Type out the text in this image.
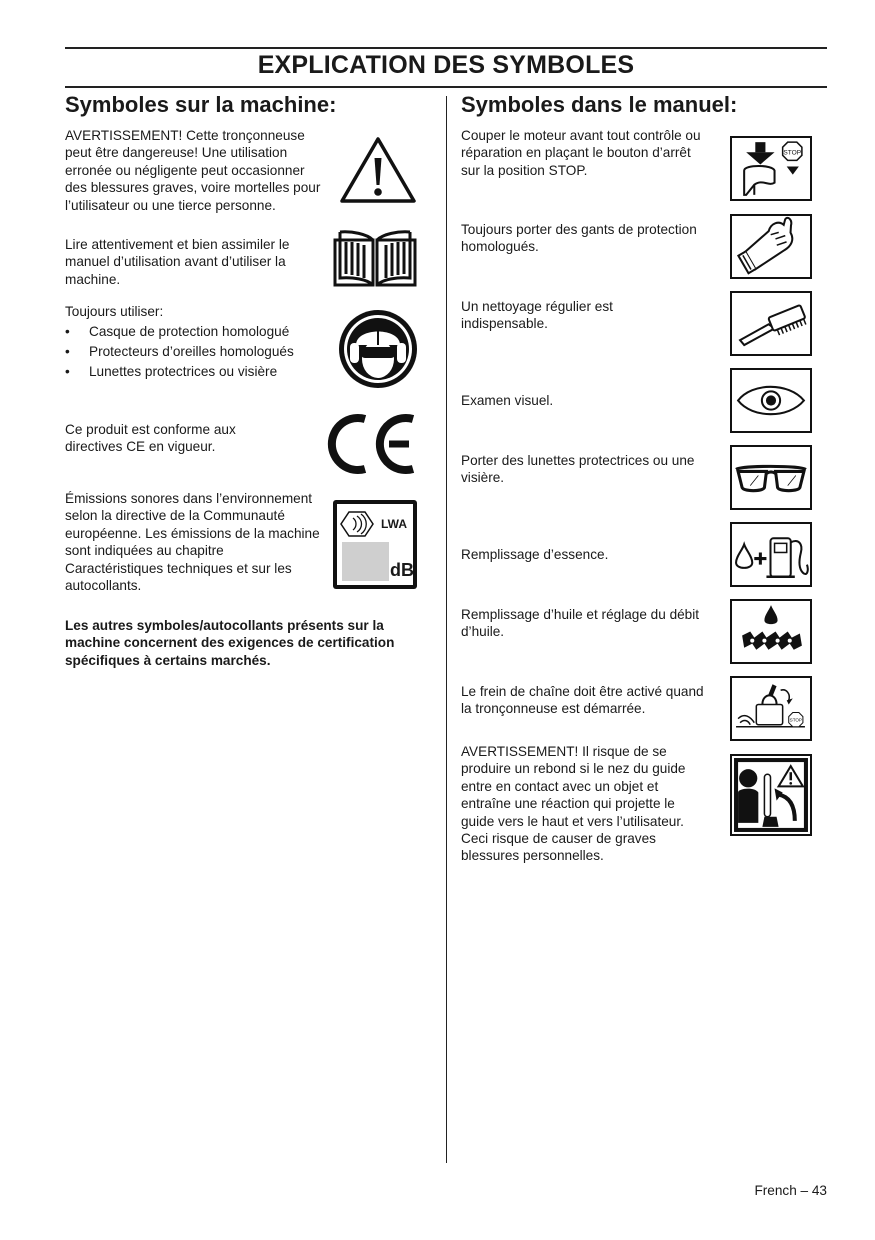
EXPLICATION DES SYMBOLES
Symboles sur la machine:
AVERTISSEMENT! Cette tronçonneuse peut être dangereuse! Une utilisation erronée ou négligente peut occasionner des blessures graves, voire mortelles pour l’utilisateur ou une tierce personne.
Lire attentivement et bien assimiler le manuel d’utilisation avant d’utiliser la machine.

Toujours utiliser:

• Casque de protection homologué
• Protecteurs d’oreilles homologués
• Lunettes protectrices ou visière
Ce produit est conforme aux directives CE en vigueur.
Émissions sonores dans l’environnement selon la directive de la Communauté européenne. Les émissions de la machine sont indiquées au chapitre Caractéristiques techniques et sur les autocollants.
LWA
dB
Les autres symboles/autocollants présents sur la machine concernent des exigences de certification spécifiques à certains marchés.
Symboles dans le manuel:
Couper le moteur avant tout contrôle ou réparation en plaçant le bouton d’arrêt sur la position STOP.
STOP
Toujours porter des gants de protection homologués.
Un nettoyage régulier est indispensable.
Examen visuel.
Porter des lunettes protectrices ou une visière.
Remplissage d’essence.
Remplissage d’huile et réglage du débit d’huile.
Le frein de chaîne doit être activé quand la tronçonneuse est démarrée.
STOP
AVERTISSEMENT! Il risque de se produire un rebond si le nez du guide entre en contact avec un objet et entraîne une réaction qui projette le guide vers le haut et vers l’utilisateur. Ceci risque de causer de graves blessures personnelles.
French – 43
